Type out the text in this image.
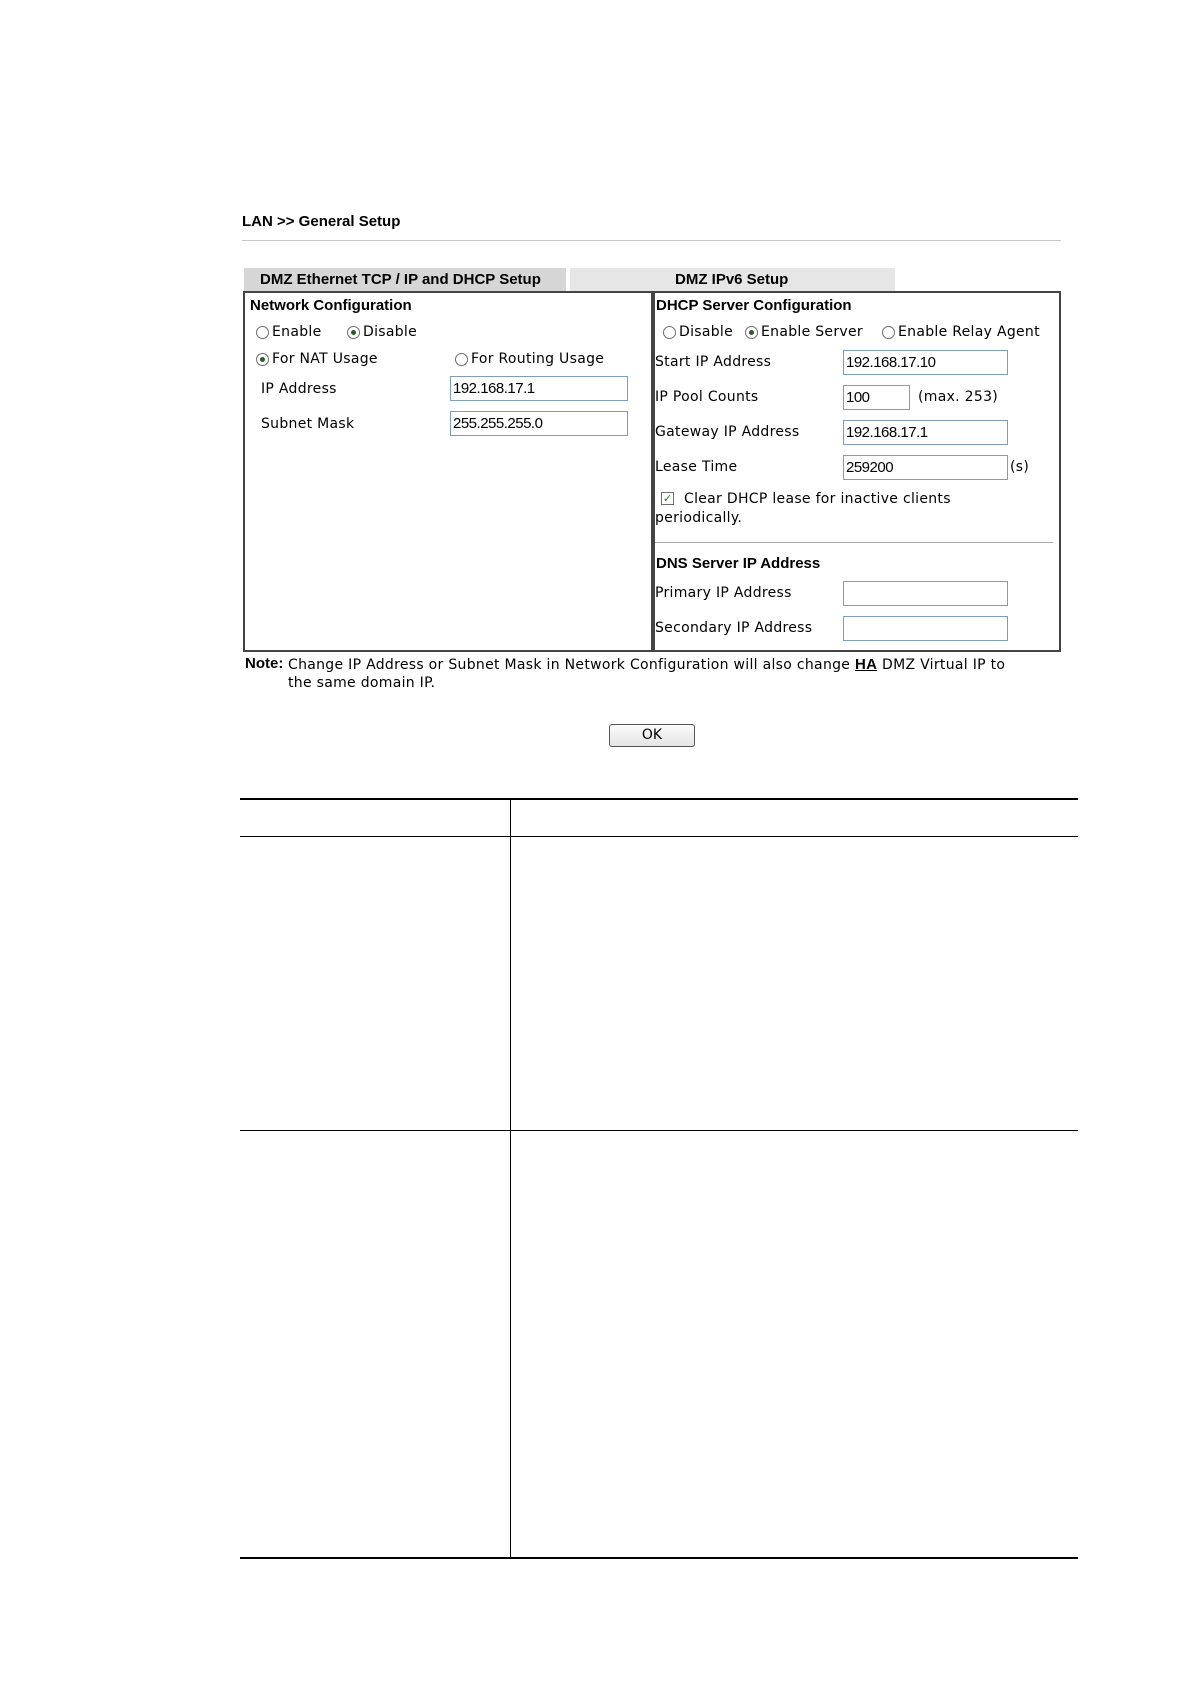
LAN >> General Setup
DMZ Ethernet TCP / IP and DHCP Setup	DMZ IPv6 Setup
Network Configuration
Enable	Disable
For NAT Usage	For Routing Usage
IP Address	192.168.17.1
Subnet Mask	255.255.255.0
DHCP Server Configuration
Disable Enable Server	Enable Relay Agent
Start IP Address	192.168.17.10
IP Pool Counts	100	(max. 253)
Gateway IP Address	192.168.17.1
Lease Time	259200	(s)
✓ Clear DHCP lease for inactive clients
periodically.
DNS Server IP Address
Primary IP Address
Secondary IP Address
Note: Change IP Address or Subnet Mask in Network Configuration will also change HA DMZ Virtual IP to
the same domain IP.
OK
